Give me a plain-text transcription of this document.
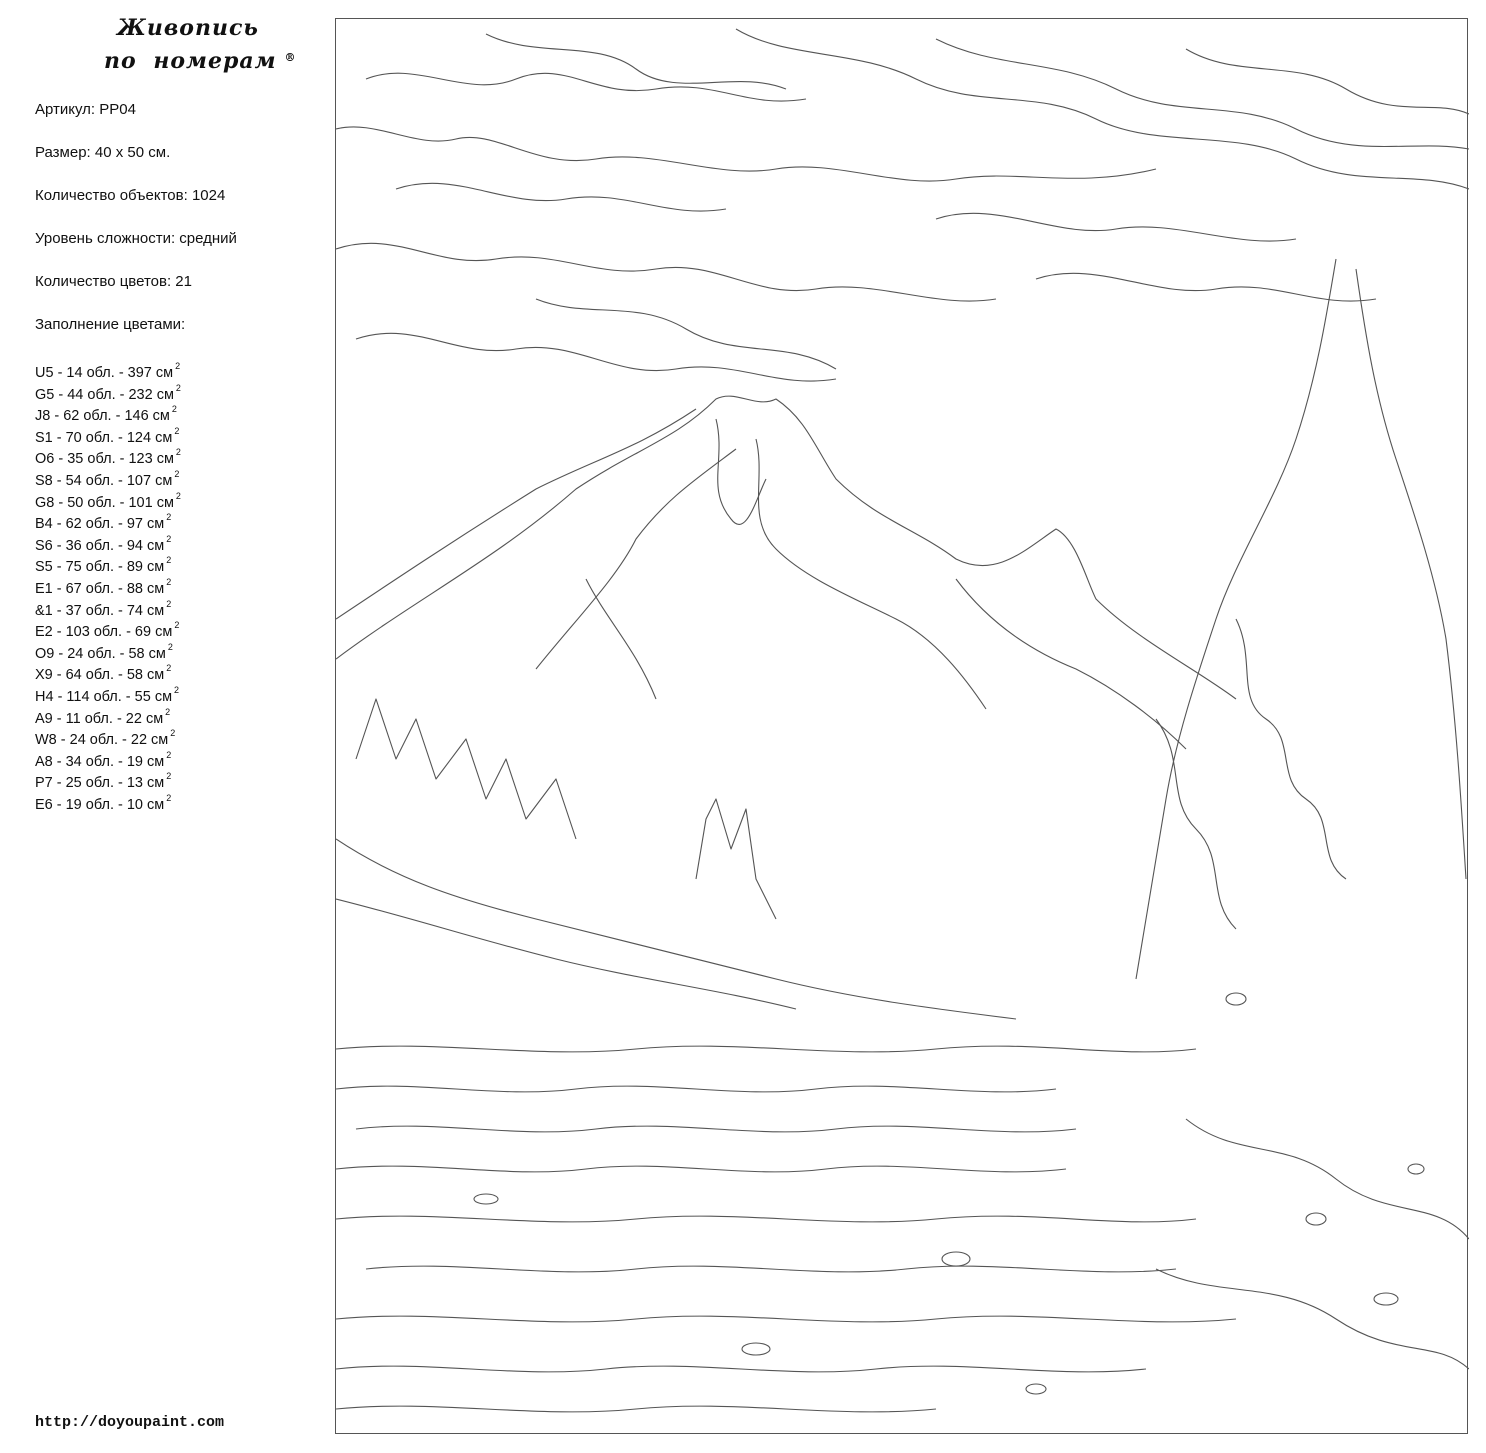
Живопись
по номерам ®
Артикул: PP04
Размер: 40 х 50 см.
Количество объектов: 1024
Уровень сложности: средний
Количество цветов: 21
Заполнение цветами:
U5 - 14 обл. - 397 см $^2$
G5 - 44 обл. - 232 см $^2$
J8 - 62 обл. - 146 см $^2$
S1 - 70 обл. - 124 см $^2$
O6 - 35 обл. - 123 см $^2$
S8 - 54 обл. - 107 см $^2$
G8 - 50 обл. - 101 см $^2$
B4 - 62 обл. - 97 см $^2$
S6 - 36 обл. - 94 см $^2$
S5 - 75 обл. - 89 см $^2$
E1 - 67 обл. - 88 см $^2$
&1 - 37 обл. - 74 см $^2$
E2 - 103 обл. - 69 см $^2$
O9 - 24 обл. - 58 см $^2$
X9 - 64 обл. - 58 см $^2$
H4 - 114 обл. - 55 см $^2$
A9 - 11 обл. - 22 см $^2$
W8 - 24 обл. - 22 см $^2$
A8 - 34 обл. - 19 см $^2$
P7 - 25 обл. - 13 см $^2$
E6 - 19 обл. - 10 см $^2$
http://doyoupaint.com
